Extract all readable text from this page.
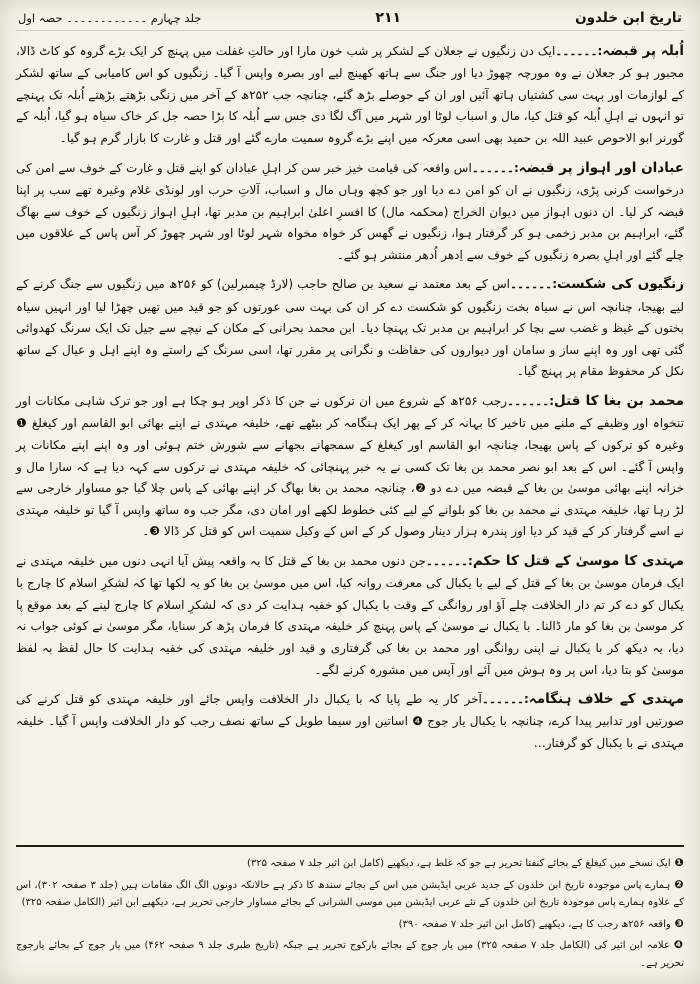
تاریخ ابن خلدون
۲۱۱
جلد چہارم ۔۔۔۔۔۔۔۔۔۔۔۔ حصہ اول

اُبلہ پر قبضہ:۔۔۔۔۔۔ایک دن زنگیوں نے جعلان کے لشکر پر شب خون مارا اور حالتِ غفلت میں پہنچ کر ایک بڑے گروہ کو کاٹ ڈالا، مجبور ہو کر جعلان نے وہ مورچہ چھوڑ دیا اور جنگ سے ہاتھ کھینچ لیے اور بصرہ واپس آ گیا۔ زنگیوں کو اس کامیابی کے ساتھ لشکر کے لوازمات اور بہت سی کشتیاں ہاتھ آئیں اور ان کے حوصلے بڑھ گئے، چنانچہ جب ۲۵۲ھ کے آخر میں زنگی بڑھتے بڑھتے اُبلہ تک پہنچے تو انہوں نے اہلِ اُبلہ کو قتل کیا، مال و اسباب لوٹا اور شہر میں آگ لگا دی جس سے اُبلہ کا بڑا حصہ جل کر خاک سیاہ ہو گیا، اُبلہ کے گورنر ابو الاحوص عبید اللہ بن حمید بھی اسی معرکہ میں اپنے بڑے گروہ سمیت مارے گئے اور قتل و غارت کا بازار گرم ہو گیا۔

عبادان اور اہواز پر قبضہ:۔۔۔۔۔۔اس واقعہ کی قیامت خیز خبر سن کر اہلِ عبادان کو اپنے قتل و غارت کے خوف سے امن کی درخواست کرنی پڑی، زنگیوں نے ان کو امن دے دیا اور جو کچھ وہاں مال و اسباب، آلاتِ حرب اور لونڈی غلام وغیرہ تھے سب پر اپنا قبضہ کر لیا۔ ان دنوں اہواز میں دیوان الخراج (محکمہ مال) کا افسرِ اعلیٰ ابراہیم بن مدبر تھا، اہلِ اہواز زنگیوں کے خوف سے بھاگ گئے، ابراہیم بن مدبر زخمی ہو کر گرفتار ہوا، زنگیوں نے گھس کر خواہ مخواہ شہر لوٹا اور شہر چھوڑ کر آس پاس کے علاقوں میں چلے گئے اور اہلِ بصرہ زنگیوں کے خوف سے اِدھر اُدھر منتشر ہو گئے۔

زنگیوں کی شکست:۔۔۔۔۔۔اس کے بعد معتمد نے سعید بن صالح حاجب (لارڈ چیمبرلین) کو ۲۵۶ھ میں زنگیوں سے جنگ کرنے کے لیے بھیجا، چنانچہ اس نے سیاہ بخت زنگیوں کو شکست دے کر ان کی بہت سی عورتوں کو جو قید میں تھیں چھڑا لیا اور انہیں سیاہ بختوں کے غیظ و غضب سے بچا کر ابراہیم بن مدبر تک پہنچا دیا۔ ابن محمد بحرانی کے مکان کے نیچے سے جیل تک ایک سرنگ کھدوائی گئی تھی اور وہ اپنے ساز و سامان اور دیواروں کی حفاظت و نگرانی پر مقرر تھا، اسی سرنگ کے راستے وہ اپنے اہل و عیال کے ساتھ نکل کر محفوظ مقام پر پہنچ گیا۔

محمد بن بغا کا قتل:۔۔۔۔۔۔رجب ۲۵۶ھ کے شروع میں ان ترکوں نے جن کا ذکر اوپر ہو چکا ہے اور جو ترک شاہی مکانات اور تنخواہ اور وظیفے کے ملنے میں تاخیر کا بہانہ کر کے پھر ایک ہنگامہ کر بیٹھے تھے، خلیفہ مہتدی نے اپنے بھائی ابو القاسم اور کیغلغ ❶ وغیرہ کو ترکوں کے پاس بھیجا، چنانچہ ابو القاسم اور کیغلغ کے سمجھانے بجھانے سے شورش ختم ہوئی اور وہ اپنے اپنے مکانات پر واپس آ گئے۔ اس کے بعد ابو نصر محمد بن بغا تک کسی نے یہ خبر پہنچائی کہ خلیفہ مہتدی نے ترکوں سے کہہ دیا ہے کہ سارا مال و خزانہ اپنے بھائی موسیٰ بن بغا کے قبضہ میں دے دو ❷، چنانچہ محمد بن بغا بھاگ کر اپنے بھائی کے پاس چلا گیا جو مساوار خارجی سے لڑ رہا تھا، خلیفہ مہتدی نے محمد بن بغا کو بلوانے کے لیے کئی خطوط لکھے اور امان دی، مگر جب وہ ساتھ واپس آ گیا تو خلیفہ مہتدی نے اسے گرفتار کر کے قید کر دیا اور پندرہ ہزار دینار وصول کر کے اس کے وکیل سمیت اس کو قتل کر ڈالا ❸۔

مہتدی کا موسیٰ کے قتل کا حکم:۔۔۔۔۔۔جن دنوں محمد بن بغا کے قتل کا یہ واقعہ پیش آیا انہی دنوں میں خلیفہ مہتدی نے ایک فرمان موسیٰ بن بغا کے قتل کے لیے با یکبال کی معرفت روانہ کیا، اس میں موسیٰ بن بغا کو یہ لکھا تھا کہ لشکرِ اسلام کا چارج با یکبال کو دے کر تم دار الخلافت چلے آؤ اور روانگی کے وقت با یکبال کو خفیہ ہدایت کر دی کہ لشکرِ اسلام کا چارج لینے کے بعد موقع پا کر موسیٰ بن بغا کو مار ڈالنا۔ با یکبال نے موسیٰ کے پاس پہنچ کر خلیفہ مہتدی کا فرمان پڑھ کر سنایا، مگر موسیٰ نے کوئی جواب نہ دیا، یہ دیکھ کر با یکبال نے اپنی روانگی اور محمد بن بغا کی گرفتاری و قید اور خلیفہ مہتدی کی خفیہ ہدایت کا حال لفظ بہ لفظ موسیٰ کو بتا دیا، اس پر وہ ہوش میں آئے اور آپس میں مشورہ کرنے لگے۔

مہتدی کے خلاف ہنگامہ:۔۔۔۔۔۔آخر کار یہ طے پایا کہ با یکبال دار الخلافت واپس جائے اور خلیفہ مہتدی کو قتل کرنے کی صورتیں اور تدابیر پیدا کرے، چنانچہ با یکبال یار جوج ❹ اساتین اور سیما طویل کے ساتھ نصف رجب کو دار الخلافت واپس آ گیا۔ خلیفہ مہتدی نے با یکبال کو گرفتار…

❶ایک نسخے میں کیغلغ کے بجائے کنفتا تحریر ہے جو کہ غلط ہے، دیکھیے (کامل ابن اثیر جلد ۷ صفحہ ۳۲۵)

❷ہمارے پاس موجودہ تاریخ ابن خلدون کے جدید عربی ایڈیشن میں اس کے بجائے سندھ کا ذکر ہے حالانکہ دونوں الگ الگ مقامات ہیں (جلد ۳ صفحہ ۳۰۲)، اس کے علاوہ ہمارے پاس موجودہ تاریخ ابن خلدون کے نئے عربی ایڈیشن میں موسی الشرانی کے بجائے مساوار خارجی تحریر ہے، دیکھیے ابن اثیر (الکامل صفحہ ۳۲۵)

❸واقعہ ۲۵۶ھ رجب کا ہے، دیکھیے (کامل ابن اثیر جلد ۷ صفحہ ۳۹۰)

❹علامہ ابن اثیر کی (الکامل جلد ۷ صفحہ ۳۲۵) میں یار جوج کے بجائے بارکوج تحریر ہے جبکہ (تاریخ طبری جلد ۹ صفحہ ۴۶۲) میں یار جوج کے بجائے یارجوج تحریر ہے۔
